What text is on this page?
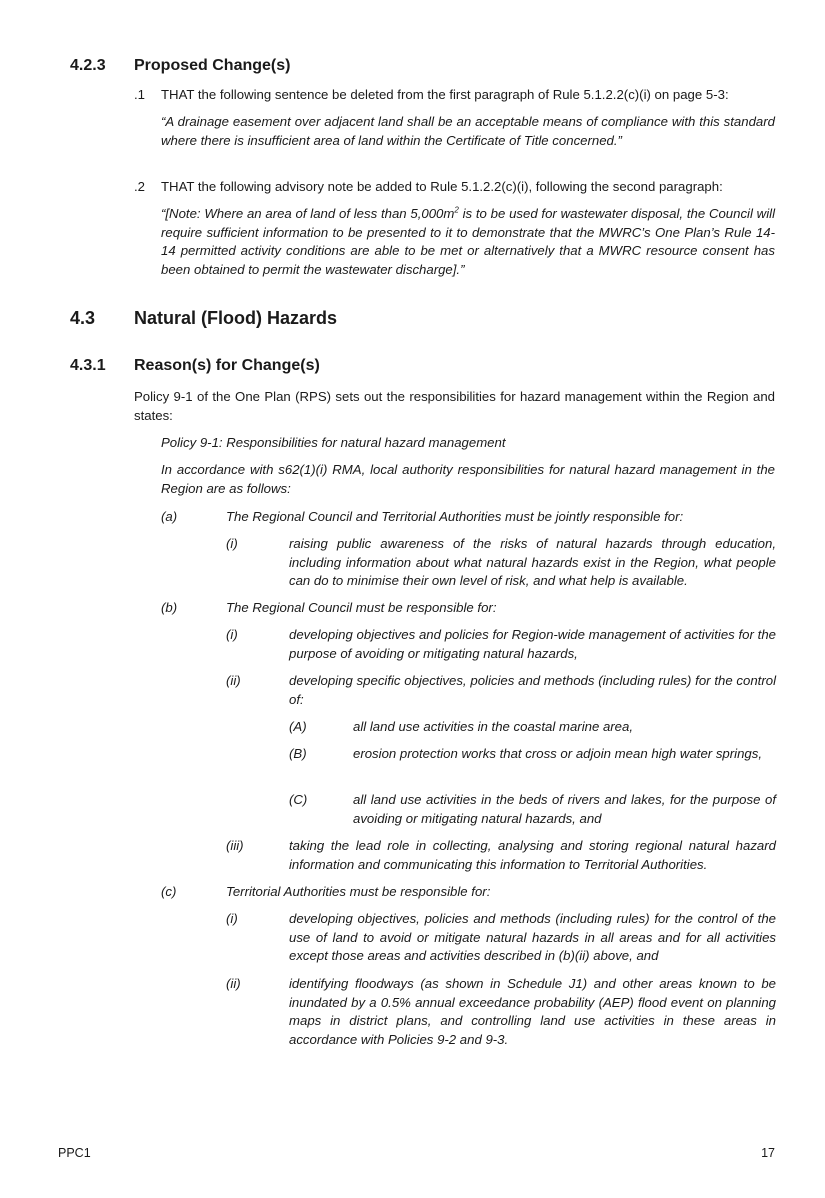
4.2.3 Proposed Change(s)
.1 THAT the following sentence be deleted from the first paragraph of Rule 5.1.2.2(c)(i) on page 5-3:
“A drainage easement over adjacent land shall be an acceptable means of compliance with this standard where there is insufficient area of land within the Certificate of Title concerned.”
.2 THAT the following advisory note be added to Rule 5.1.2.2(c)(i), following the second paragraph:
“[Note: Where an area of land of less than $5,000m^2$ is to be used for wastewater disposal, the Council will require sufficient information to be presented to it to demonstrate that the MWRC’s One Plan’s Rule 14-14 permitted activity conditions are able to be met or alternatively that a MWRC resource consent has been obtained to permit the wastewater discharge].”
4.3 Natural (Flood) Hazards
4.3.1 Reason(s) for Change(s)
Policy 9-1 of the One Plan (RPS) sets out the responsibilities for hazard management within the Region and states:
Policy 9-1: Responsibilities for natural hazard management
In accordance with s62(1)(i) RMA, local authority responsibilities for natural hazard management in the Region are as follows:
(a)	The Regional Council and Territorial Authorities must be jointly responsible for:
(i)	raising public awareness of the risks of natural hazards through education, including information about what natural hazards exist in the Region, what people can do to minimise their own level of risk, and what help is available.
(b)	The Regional Council must be responsible for:
(i)	developing objectives and policies for Region-wide management of activities for the purpose of avoiding or mitigating natural hazards,
(ii)	developing specific objectives, policies and methods (including rules) for the control of:
(A)	all land use activities in the coastal marine area,
(B)	erosion protection works that cross or adjoin mean high water springs,
(C)	all land use activities in the beds of rivers and lakes, for the purpose of avoiding or mitigating natural hazards, and
(iii)	taking the lead role in collecting, analysing and storing regional natural hazard information and communicating this information to Territorial Authorities.
(c)	Territorial Authorities must be responsible for:
(i)	developing objectives, policies and methods (including rules) for the control of the use of land to avoid or mitigate natural hazards in all areas and for all activities except those areas and activities described in (b)(ii) above, and
(ii)	identifying floodways (as shown in Schedule J1) and other areas known to be inundated by a 0.5% annual exceedance probability (AEP) flood event on planning maps in district plans, and controlling land use activities in these areas in accordance with Policies 9-2 and 9-3.
PPC1	17
